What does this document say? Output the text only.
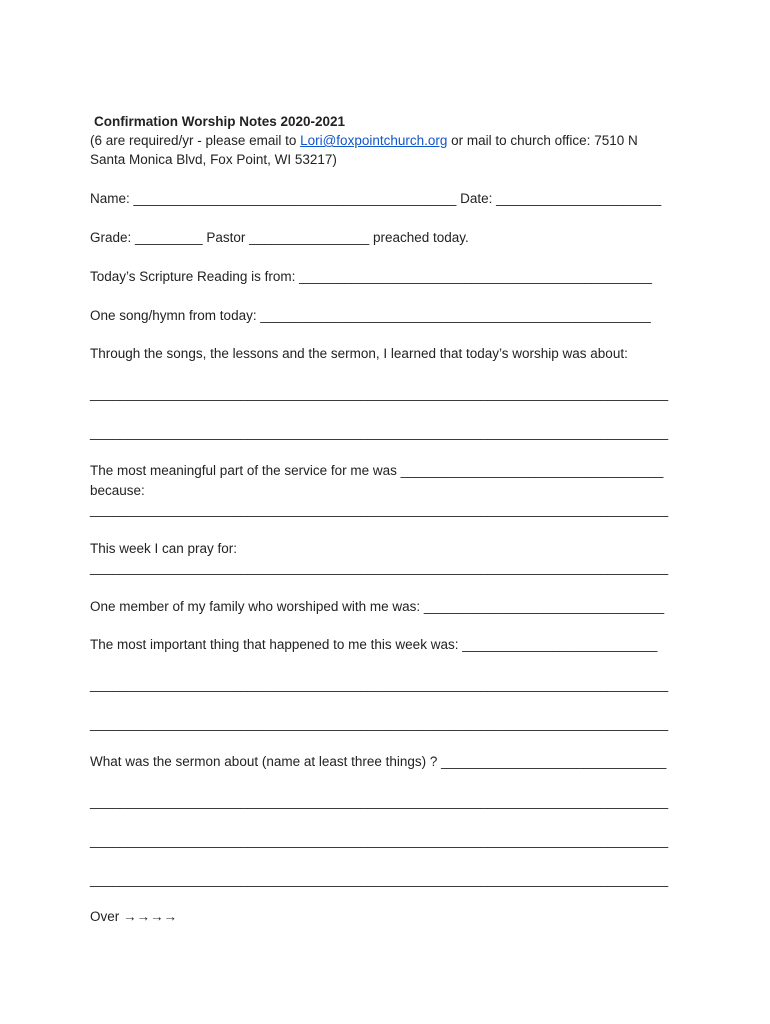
Confirmation Worship Notes 2020-2021
(6 are required/yr - please email to Lori@foxpointchurch.org or mail to church office: 7510 N
Santa Monica Blvd, Fox Point, WI 53217)
Name: ___________________________________________ Date: ______________________
Grade: _________ Pastor ________________ preached today.
Today’s Scripture Reading is from: _______________________________________________
One song/hymn from today: ____________________________________________________
Through the songs, the lessons and the sermon, I learned that today’s worship was about:
_____________________________________________________________________________
_____________________________________________________________________________
The most meaningful part of the service for me was ___________________________________
because:
_____________________________________________________________________________
This week I can pray for:
_____________________________________________________________________________
One member of my family who worshiped with me was: ________________________________
The most important thing that happened to me this week was: __________________________
_____________________________________________________________________________
_____________________________________________________________________________
What was the sermon about (name at least three things) ? ______________________________
_____________________________________________________________________________
_____________________________________________________________________________
_____________________________________________________________________________
Over →→→→
